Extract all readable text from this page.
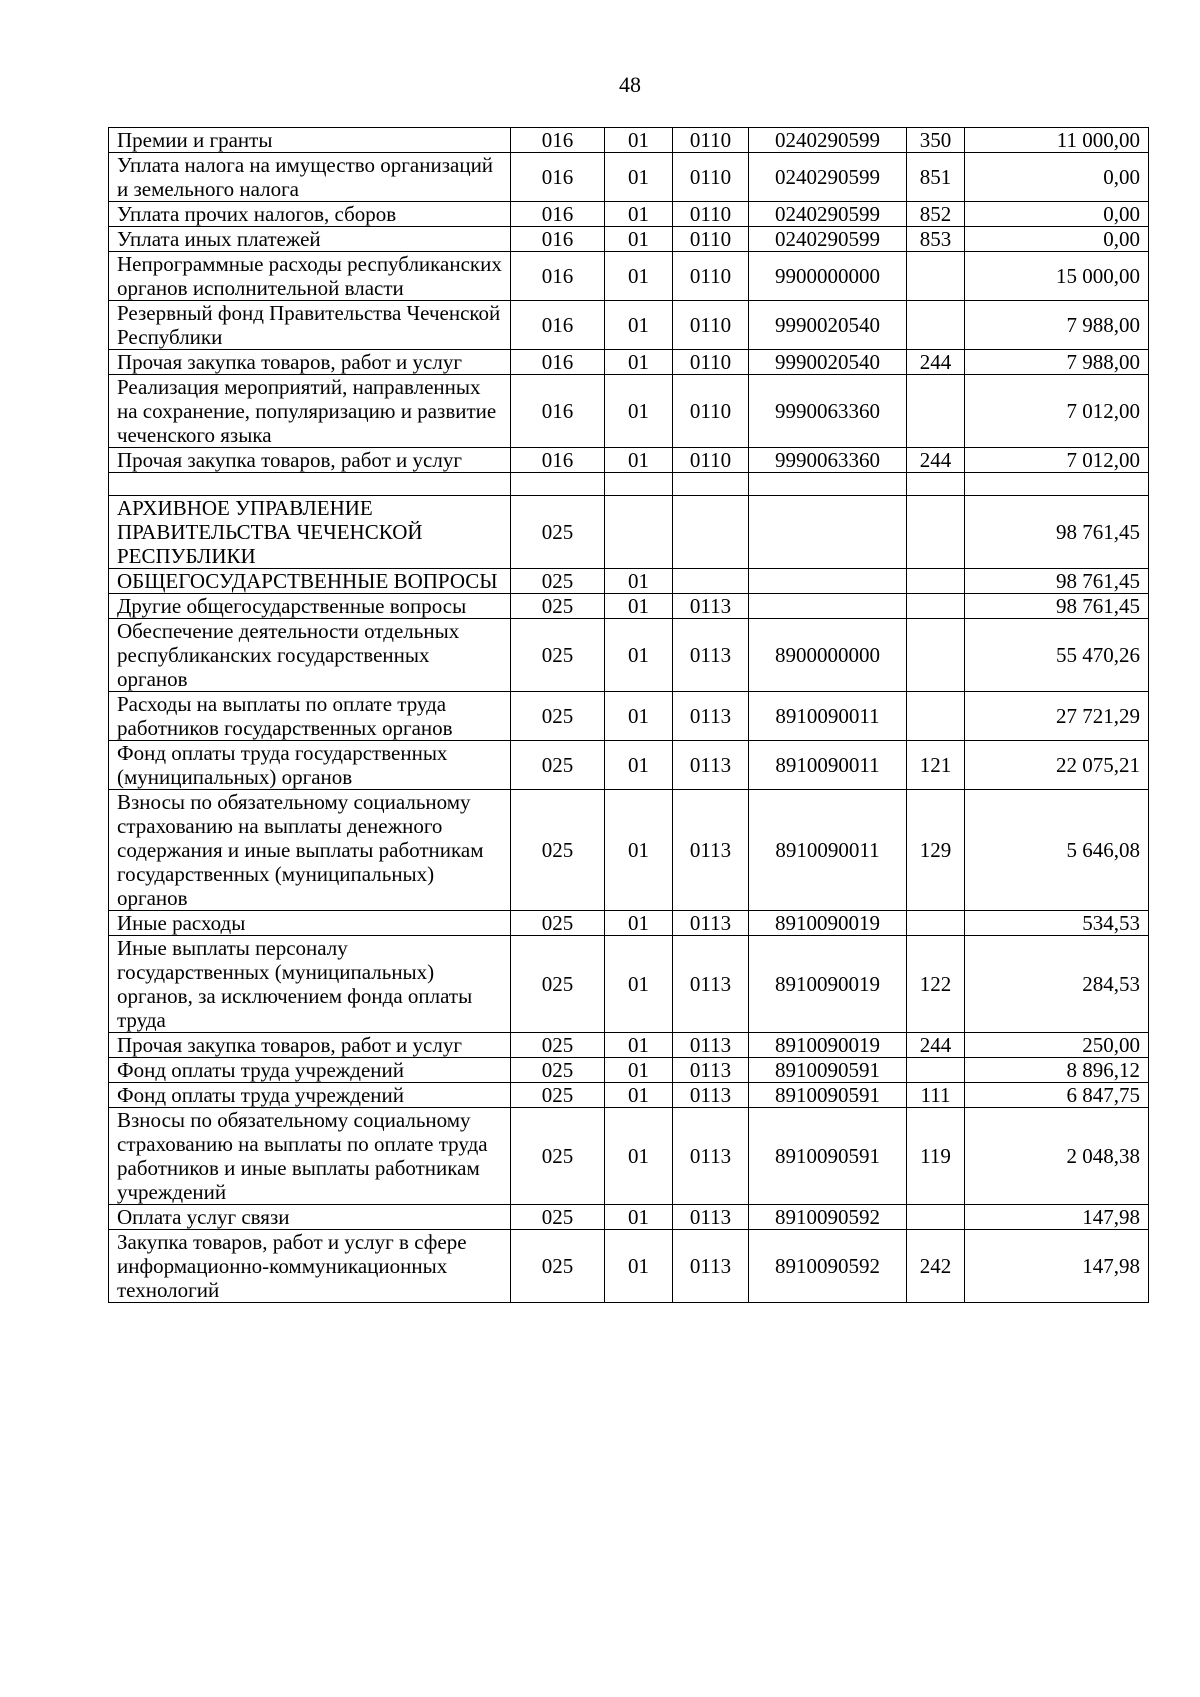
48
Премии и гранты	016	01	0110	0240290599	350	11 000,00
Уплата налога на имущество организаций и земельного налога	016	01	0110	0240290599	851	0,00
Уплата прочих налогов, сборов	016	01	0110	0240290599	852	0,00
Уплата иных платежей	016	01	0110	0240290599	853	0,00
Непрограммные расходы республиканских органов исполнительной власти	016	01	0110	9900000000		15 000,00
Резервный фонд Правительства Чеченской Республики	016	01	0110	9990020540		7 988,00
Прочая закупка товаров, работ и услуг	016	01	0110	9990020540	244	7 988,00
Реализация мероприятий, направленных на сохранение, популяризацию и развитие чеченского языка	016	01	0110	9990063360		7 012,00
Прочая закупка товаров, работ и услуг	016	01	0110	9990063360	244	7 012,00

АРХИВНОЕ УПРАВЛЕНИЕ ПРАВИТЕЛЬСТВА ЧЕЧЕНСКОЙ РЕСПУБЛИКИ	025					98 761,45
ОБЩЕГОСУДАРСТВЕННЫЕ ВОПРОСЫ	025	01				98 761,45
Другие общегосударственные вопросы	025	01	0113			98 761,45
Обеспечение деятельности отдельных республиканских государственных органов	025	01	0113	8900000000		55 470,26
Расходы на выплаты по оплате труда работников государственных органов	025	01	0113	8910090011		27 721,29
Фонд оплаты труда государственных (муниципальных) органов	025	01	0113	8910090011	121	22 075,21
Взносы по обязательному социальному страхованию на выплаты денежного содержания и иные выплаты работникам государственных (муниципальных) органов	025	01	0113	8910090011	129	5 646,08
Иные расходы	025	01	0113	8910090019		534,53
Иные выплаты персоналу государственных (муниципальных) органов, за исключением фонда оплаты труда	025	01	0113	8910090019	122	284,53
Прочая закупка товаров, работ и услуг	025	01	0113	8910090019	244	250,00
Фонд оплаты труда учреждений	025	01	0113	8910090591		8 896,12
Фонд оплаты труда учреждений	025	01	0113	8910090591	111	6 847,75
Взносы по обязательному социальному страхованию на выплаты по оплате труда работников и иные выплаты работникам учреждений	025	01	0113	8910090591	119	2 048,38
Оплата услуг связи	025	01	0113	8910090592		147,98
Закупка товаров, работ и услуг в сфере информационно-коммуникационных технологий	025	01	0113	8910090592	242	147,98
